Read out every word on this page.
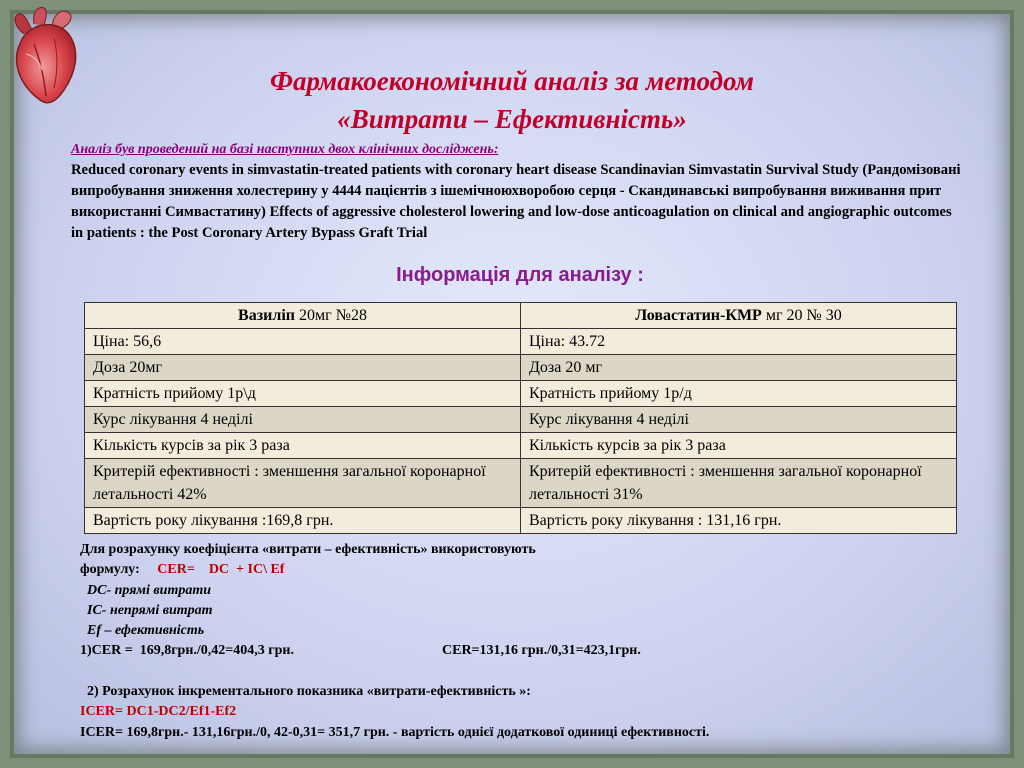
Фармакоекономічний аналіз за методом
«Витрати – Ефективність»
Аналіз був проведений на базі наступних двох клінічних досліджень:
Reduced coronary events in simvastatin-treated patients with coronary heart disease Scandinavian Simvastatin Survival Study (Рандомізовані випробування зниження холестерину у 4444 пацієнтів з ішемічноюхворобою серця - Скандинавські випробування виживання прит використанні Симвастатину) Effects of aggressive cholesterol lowering and low-dose anticoagulation on clinical and angiographic outcomes in patients : the Post Coronary Artery Bypass Graft Trial
Інформація для аналізу :
Вазиліп 20мг №28	Ловастатин-КМР мг 20 № 30
Ціна: 56,6	Ціна: 43.72
Доза 20мг	Доза 20 мг
Кратність прийому 1р\д	Кратність прийому 1р/д
Курс лікування 4 неділі	Курс лікування 4 неділі
Кількість курсів за рік 3 раза	Кількість курсів за рік 3 раза
Критерій ефективності : зменшення загальної коронарної летальності 42%	Критерій ефективності : зменшення загальної коронарної летальності 31%
Вартість року лікування :169,8 грн.	Вартість року лікування : 131,16 грн.
Для розрахунку коефіцієнта «витрати – ефективність» використовують
формулу:     CER=    DC  + IC\ Ef
DC- прямі витрати
IC- непрямі витрат
Ef – ефективність
1)CER =  169,8грн./0,42=404,3 грн.	CER=131,16 грн./0,31=423,1грн.

2) Розрахунок інкрементального показника «витрати-ефективність »:
ICER= DC1-DC2/Ef1-Ef2
ICER= 169,8грн.- 131,16грн./0, 42-0,31= 351,7 грн. - вартість однієї додаткової одиниці ефективності.
